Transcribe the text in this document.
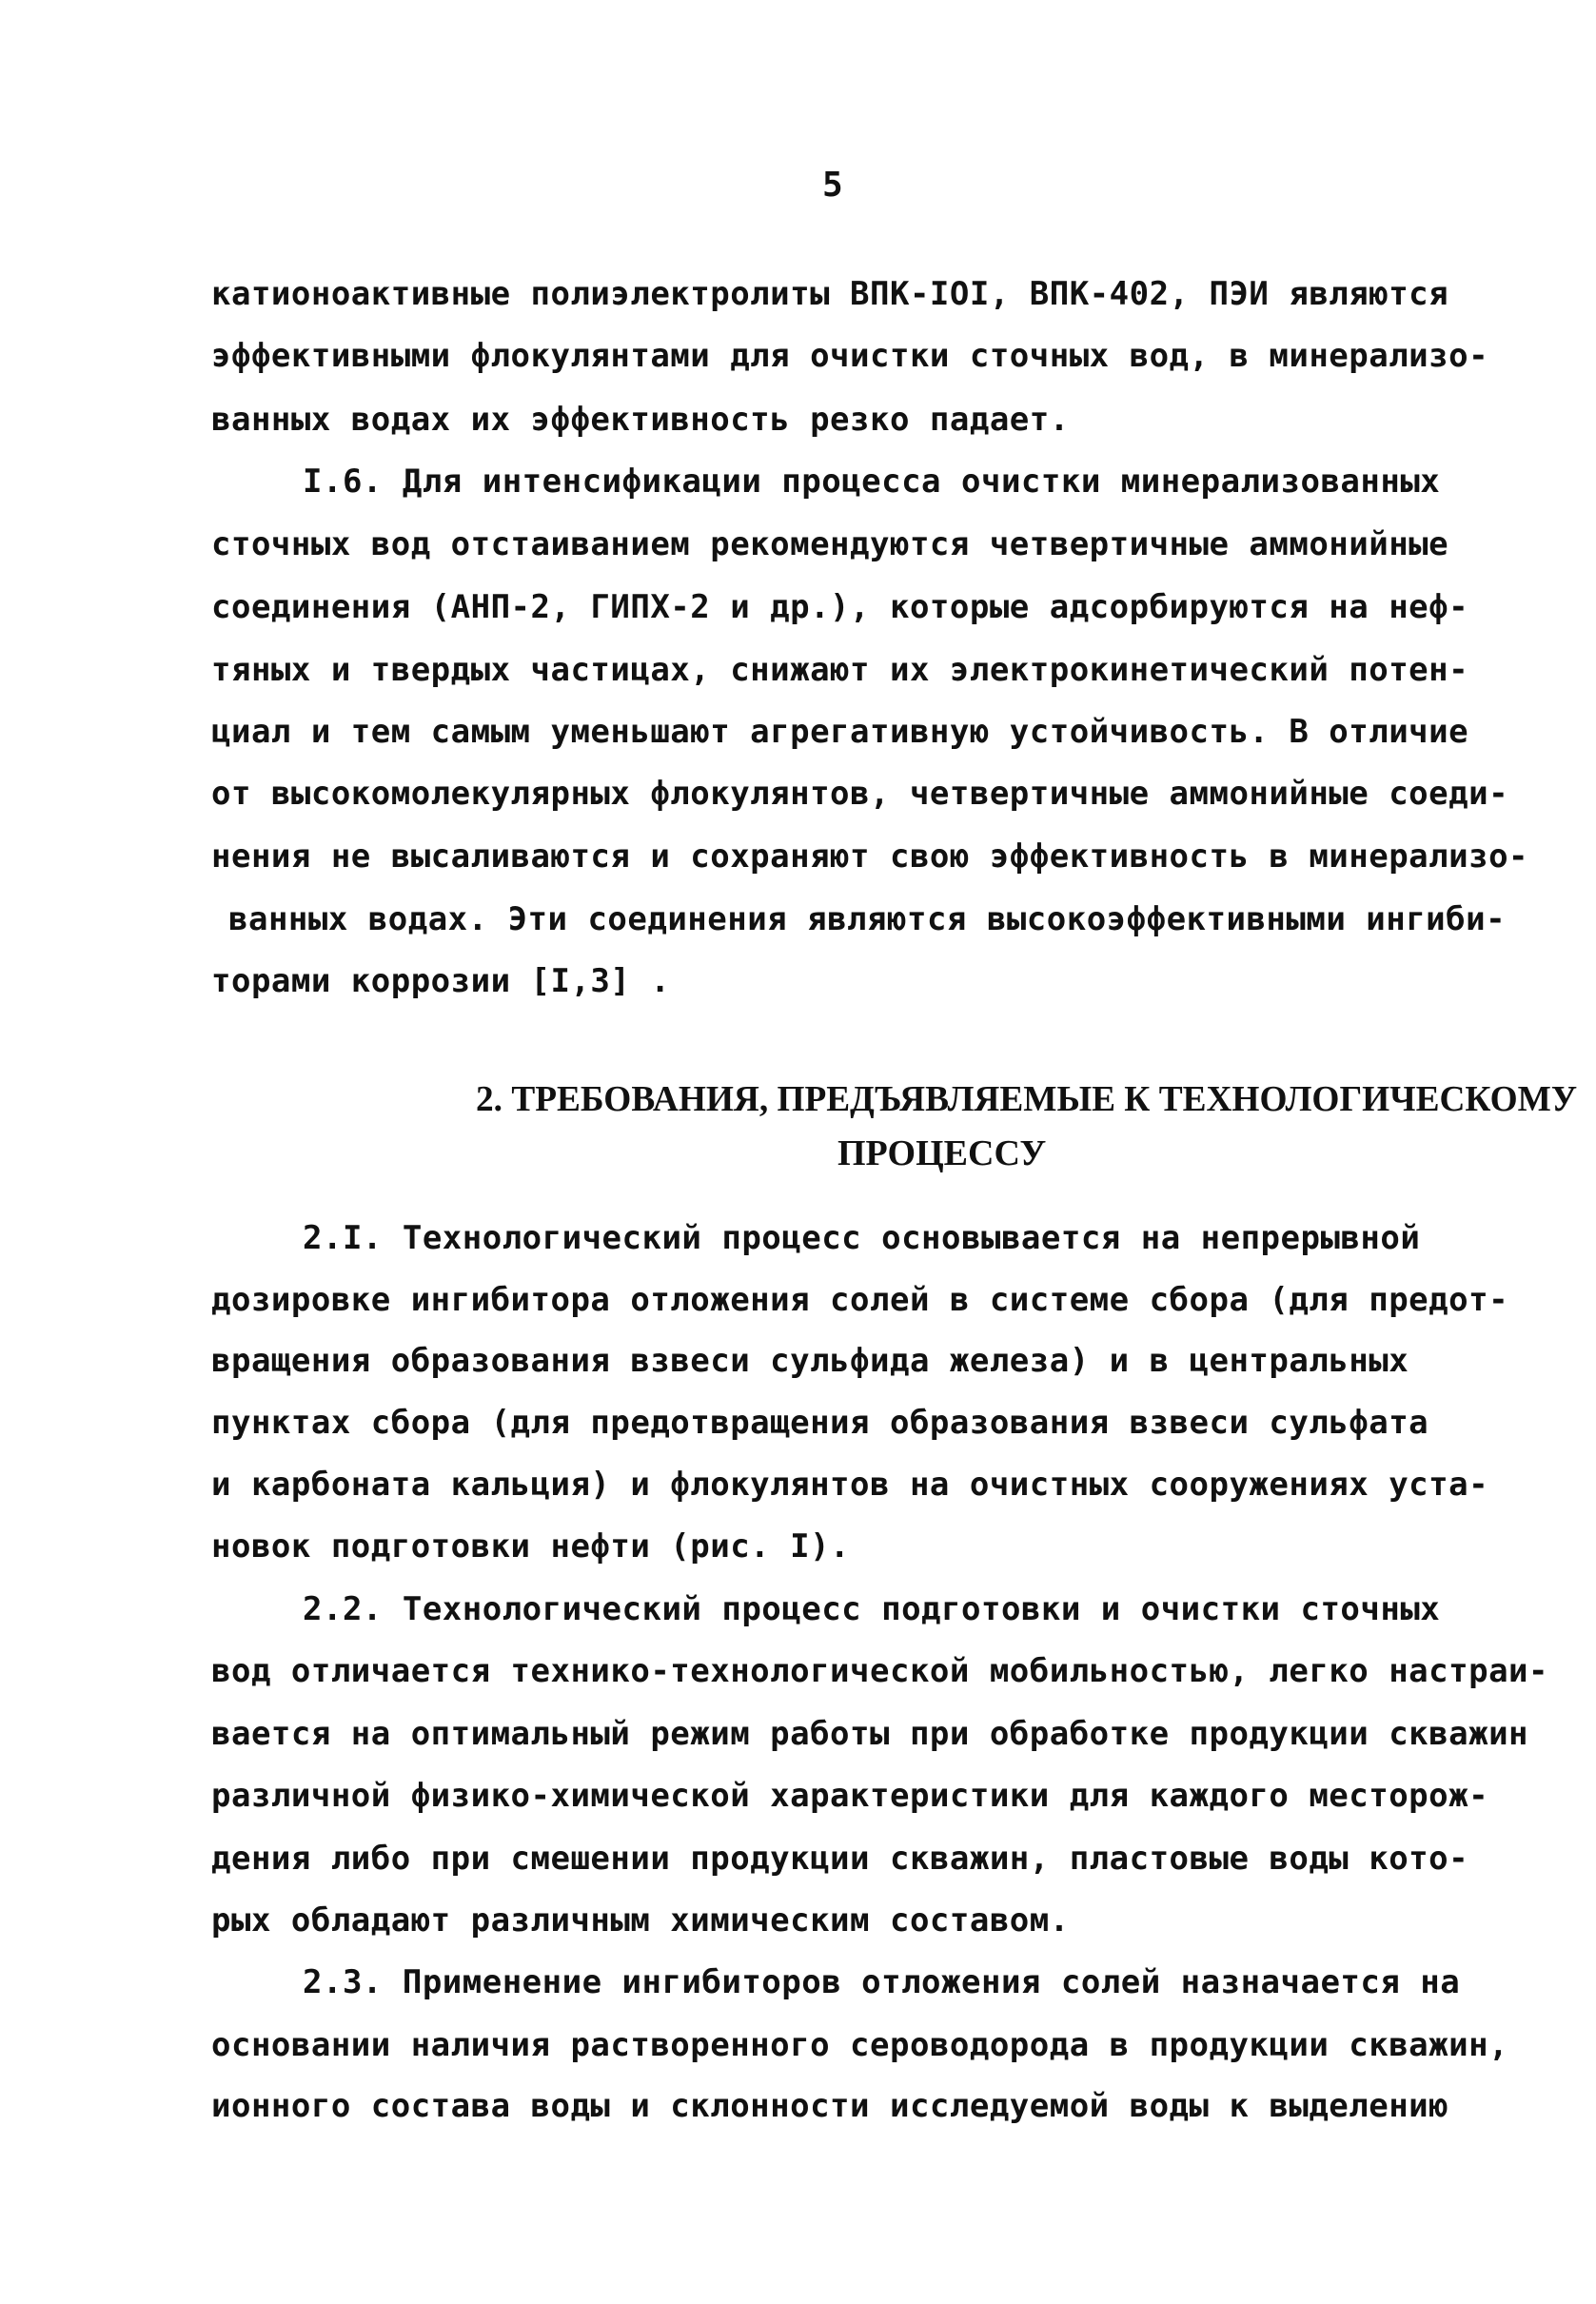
5
катионоактивные полиэлектролиты ВПК-IOI, ВПК-402, ПЭИ являются
эффективными флокулянтами для очистки сточных вод, в минерализо-
ванных водах их эффективность резко падает.
I.6. Для интенсификации процесса очистки минерализованных
сточных вод отстаиванием рекомендуются четвертичные аммонийные
соединения (АНП-2, ГИПХ-2 и др.), которые адсорбируются на неф-
тяных и твердых частицах, снижают их электрокинетический потен-
циал и тем самым уменьшают агрегативную устойчивость. В отличие
от высокомолекулярных флокулянтов, четвертичные аммонийные соеди-
нения не высаливаются и сохраняют свою эффективность в минерализо-
ванных водах. Эти соединения являются высокоэффективными ингиби-
торами коррозии [I,3] .
2. ТРЕБОВАНИЯ, ПРЕДЪЯВЛЯЕМЫЕ К ТЕХНОЛОГИЧЕСКОМУ
ПРОЦЕССУ
2.I. Технологический процесс основывается на непрерывной
дозировке ингибитора отложения солей в системе сбора (для предот-
вращения образования взвеси сульфида железа) и в центральных
пунктах сбора (для предотвращения образования взвеси сульфата
и карбоната кальция) и флокулянтов на очистных сооружениях уста-
новок подготовки нефти (рис. I).
2.2. Технологический процесс подготовки и очистки сточных
вод отличается технико-технологической мобильностью, легко настраи-
вается на оптимальный режим работы при обработке продукции скважин
различной физико-химической характеристики для каждого местоpож-
дения либо при смешении продукции скважин, пластовые воды кото-
рых обладают различным химическим составом.
2.3. Применение ингибиторов отложения солей назначается на
основании наличия растворенного сероводорода в продукции скважин,
ионного состава воды и склонности исследуемой воды к выделению
